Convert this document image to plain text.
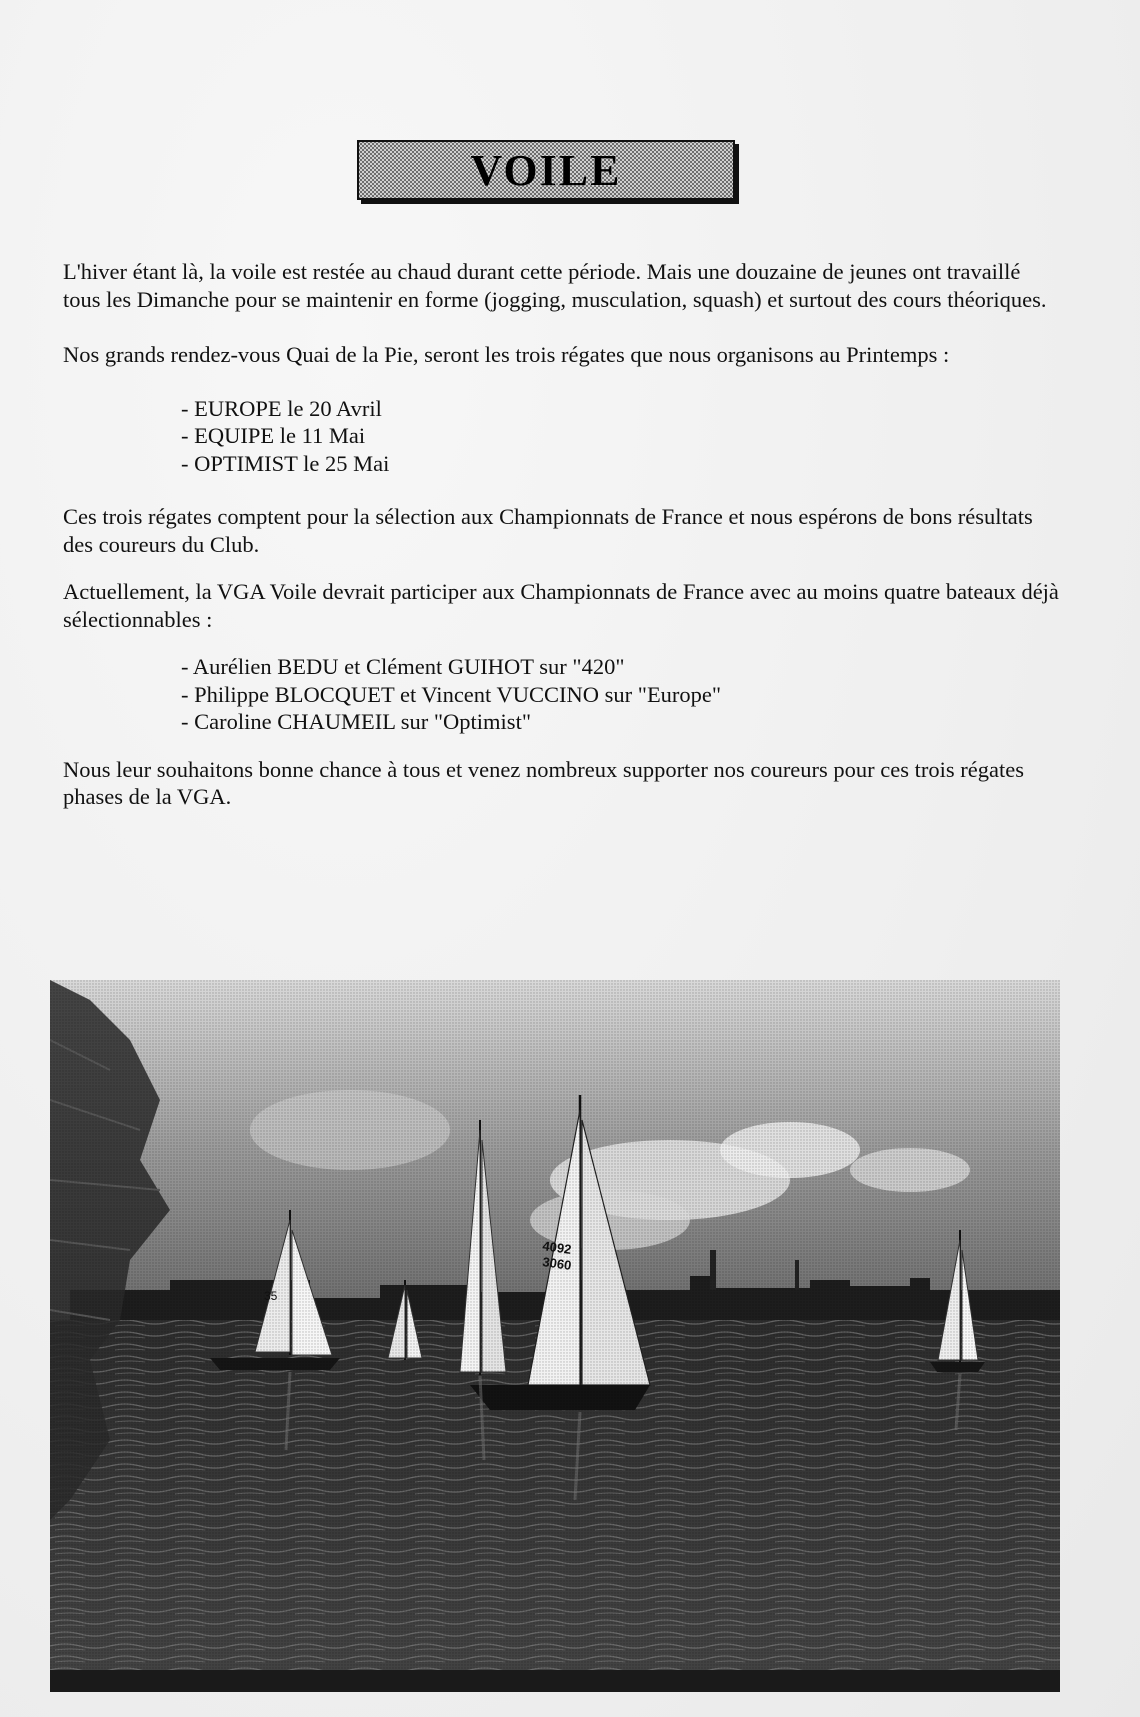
VOILE

L'hiver étant là, la voile est restée au chaud durant cette période. Mais une douzaine de jeunes ont travaillé tous les Dimanche pour se maintenir en forme (jogging, musculation, squash) et surtout des cours théoriques.

Nos grands rendez-vous Quai de la Pie, seront les trois régates que nous organisons au Printemps :

- EUROPE le 20 Avril
- EQUIPE le 11 Mai
- OPTIMIST le 25 Mai

Ces trois régates comptent pour la sélection aux Championnats de France et nous espérons de bons résultats des coureurs du Club.

Actuellement, la VGA Voile devrait participer aux Championnats de France avec au moins quatre bateaux déjà sélectionnables :

- Aurélien BEDU et Clément GUIHOT sur "420"
- Philippe BLOCQUET et Vincent VUCCINO sur "Europe"
- Caroline CHAUMEIL sur "Optimist"

Nous leur souhaitons bonne chance à tous et venez nombreux supporter nos coureurs pour ces trois régates phases de la VGA.
